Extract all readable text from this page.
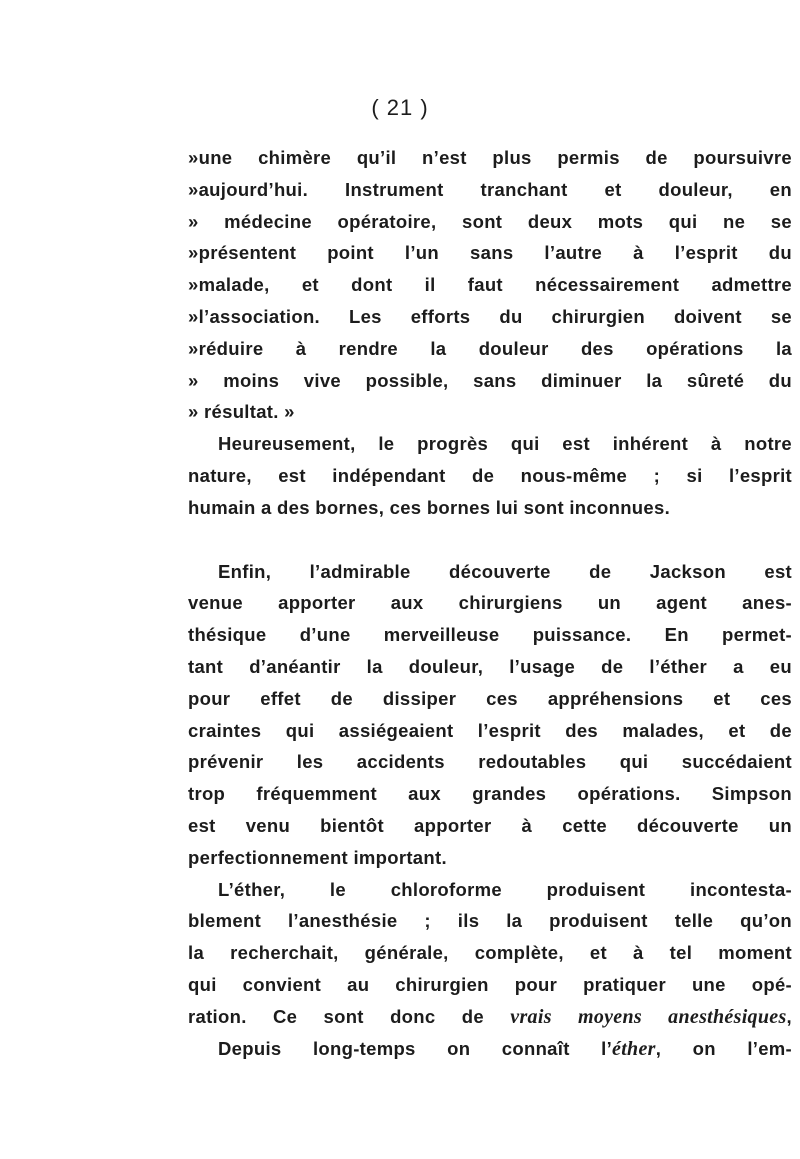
( 21 )
»une chimère qu’il n’est plus permis de poursuivre
»aujourd’hui. Instrument tranchant et douleur, en
» médecine opératoire, sont deux mots qui ne se
»présentent point l’un sans l’autre à l’esprit du
»malade, et dont il faut nécessairement admettre
»l’association. Les efforts du chirurgien doivent se
»réduire à rendre la douleur des opérations la
» moins vive possible, sans diminuer la sûreté du
» résultat. »
Heureusement, le progrès qui est inhérent à notre
nature, est indépendant de nous-même ; si l’esprit
humain a des bornes, ces bornes lui sont inconnues.
Enfin, l’admirable découverte de Jackson est
venue apporter aux chirurgiens un agent anes-
thésique d’une merveilleuse puissance. En permet-
tant d’anéantir la douleur, l’usage de l’éther a eu
pour effet de dissiper ces appréhensions et ces
craintes qui assiégeaient l’esprit des malades, et de
prévenir les accidents redoutables qui succédaient
trop fréquemment aux grandes opérations. Simpson
est venu bientôt apporter à cette découverte un
perfectionnement important.
L’éther, le chloroforme produisent incontesta-
blement l’anesthésie ; ils la produisent telle qu’on
la recherchait, générale, complète, et à tel moment
qui convient au chirurgien pour pratiquer une opé-
ration. Ce sont donc de vrais moyens anesthésiques,
Depuis long-temps on connaît l’éther, on l’em-
